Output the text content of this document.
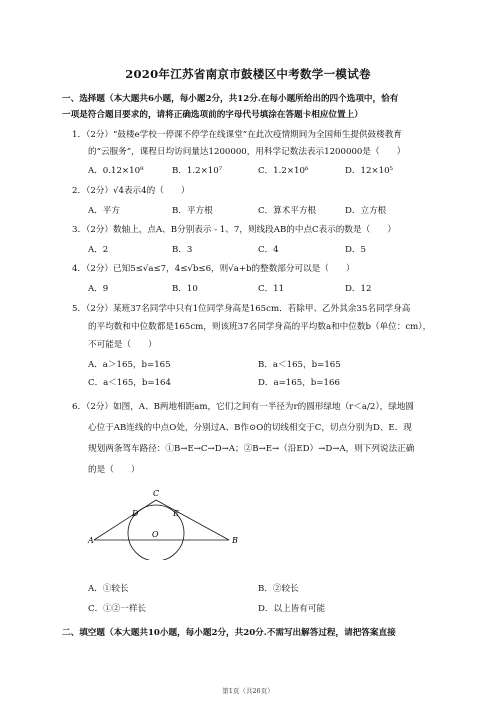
2020年江苏省南京市鼓楼区中考数学一模试卷
一、选择题（本大题共6小题，每小题2分，共12分.在每小题所给出的四个选项中，恰有
一项是符合题目要求的，请将正确选项前的字母代号填涂在答题卡相应位置上）
1．（2分）“鼓楼e学校一停课不停学在线课堂”在此次疫情期间为全国师生提供鼓楼教育
的“云服务”，课程日均访问量达1200000，用科学记数法表示1200000是（　　）
A．0.12×10⁸	B．1.2×10⁷	C．1.2×10⁶	D．12×10⁵
2．（2分）√4表示4的（　　）
A．平方	B．平方根	C．算术平方根	D．立方根
3．（2分）数轴上，点A、B分别表示 - 1、7，则线段AB的中点C表示的数是（　　）
A．2	B．3	C．4	D．5
4．（2分）已知5≤√a≤7，4≤√b≤6，则√a+b的整数部分可以是（　　）
A．9	B．10	C．11	D．12
5．（2分）某班37名同学中只有1位同学身高是165cm．若除甲、乙外其余35名同学身高
的平均数和中位数都是165cm，则该班37名同学身高的平均数a和中位数b（单位：cm），
不可能是（　　）
A．a＞165，b=165	B．a＜165，b=165
C．a＜165，b=164	D．a=165，b=166
6．（2分）如图，A、B两地相距am，它们之间有一半径为r的圆形绿地（r＜a/2），绿地圆
心位于AB连线的中点O处，分别过A、B作⊙O的切线相交于C，切点分别为D、E．现
规划两条驾车路径：①B→E→C→D→A；②B→E→（沿ED）→D→A，则下列说法正确
的是（　　）
A	B
C
D	E
O
A．①较长	B．②较长
C．①②一样长	D．以上皆有可能
二、填空题（本大题共10小题，每小题2分，共20分.不需写出解答过程，请把答案直接
第1页（共26页）
